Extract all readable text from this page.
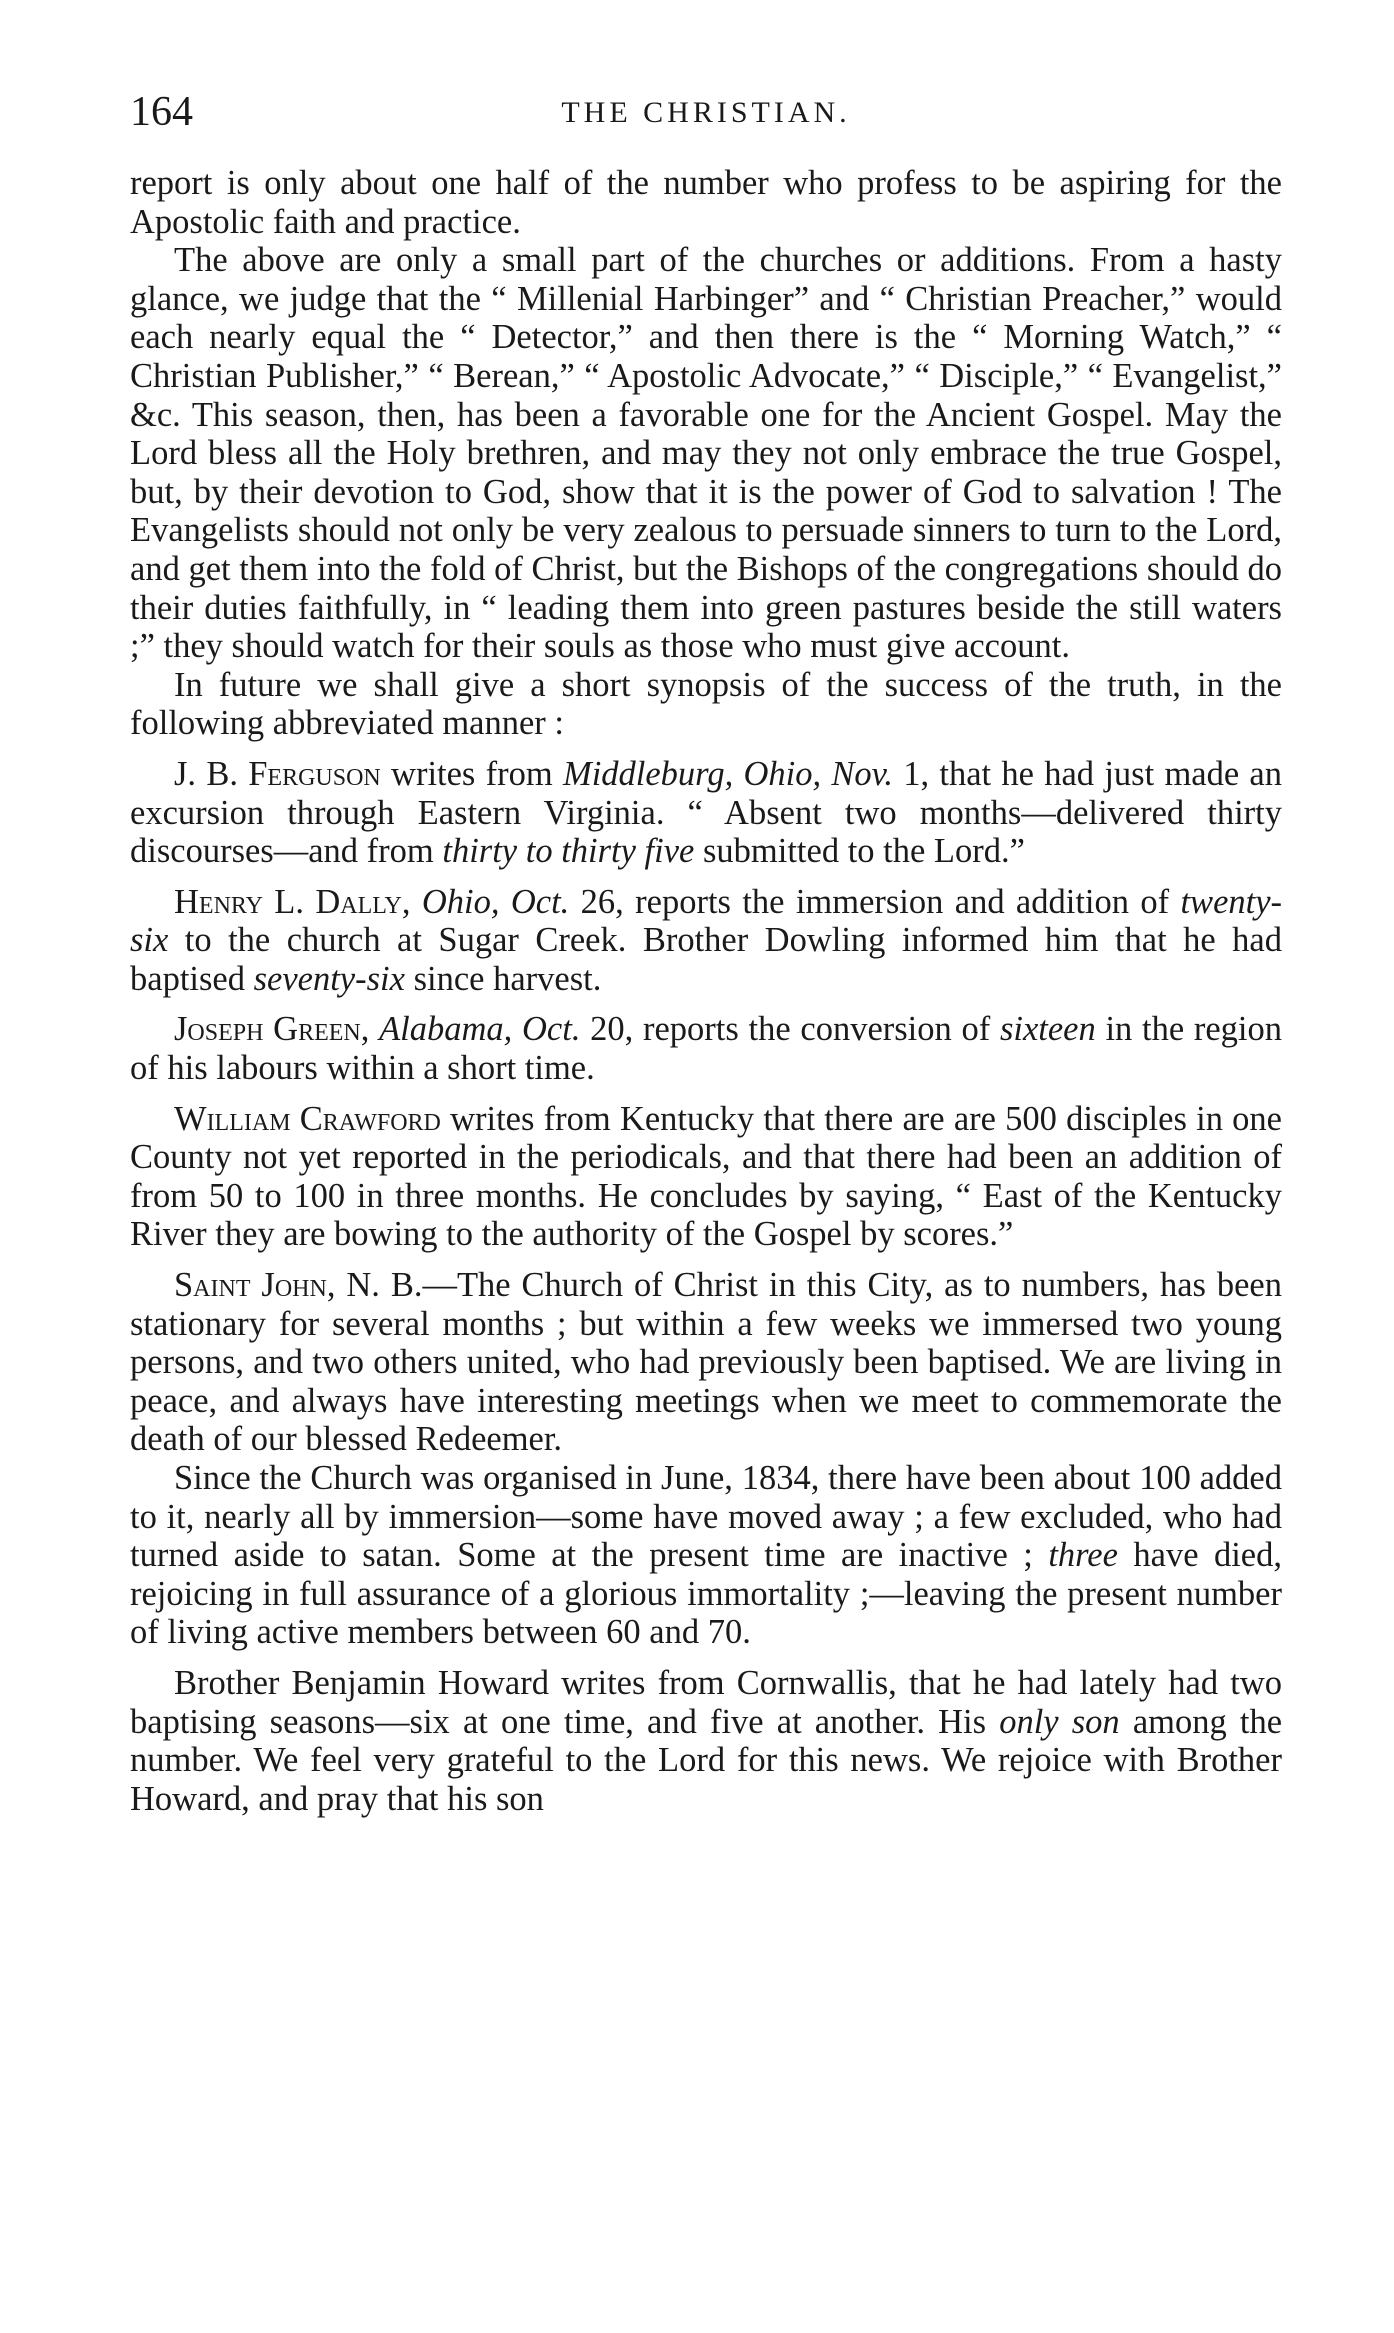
164	THE CHRISTIAN.

report is only about one half of the number who profess to be aspiring for the Apostolic faith and practice.

The above are only a small part of the churches or additions. From a hasty glance, we judge that the “ Millenial Harbinger” and “ Christian Preacher,” would each nearly equal the “ Detector,” and then there is the “ Morning Watch,” “ Christian Publisher,” “ Berean,” “ Apostolic Advocate,” “ Disciple,” “ Evangelist,” &c. This season, then, has been a favorable one for the Ancient Gospel. May the Lord bless all the Holy brethren, and may they not only embrace the true Gospel, but, by their devotion to God, show that it is the power of God to salvation ! The Evangelists should not only be very zealous to persuade sinners to turn to the Lord, and get them into the fold of Christ, but the Bishops of the congregations should do their duties faithfully, in “ leading them into green pastures beside the still waters ;” they should watch for their souls as those who must give account.

In future we shall give a short synopsis of the success of the truth, in the following abbreviated manner :

J. B. Ferguson writes from Middleburg, Ohio, Nov. 1, that he had just made an excursion through Eastern Virginia. “ Absent two months—delivered thirty discourses—and from thirty to thirty five submitted to the Lord.”

Henry L. Dally, Ohio, Oct. 26, reports the immersion and addition of twenty-six to the church at Sugar Creek. Brother Dowling informed him that he had baptised seventy-six since harvest.

Joseph Green, Alabama, Oct. 20, reports the conversion of sixteen in the region of his labours within a short time.

William Crawford writes from Kentucky that there are are 500 disciples in one County not yet reported in the periodicals, and that there had been an addition of from 50 to 100 in three months. He concludes by saying, “ East of the Kentucky River they are bowing to the authority of the Gospel by scores.”

Saint John, N. B.—The Church of Christ in this City, as to numbers, has been stationary for several months ; but within a few weeks we immersed two young persons, and two others united, who had previously been baptised. We are living in peace, and always have interesting meetings when we meet to commemorate the death of our blessed Redeemer.

Since the Church was organised in June, 1834, there have been about 100 added to it, nearly all by immersion—some have moved away ; a few excluded, who had turned aside to satan. Some at the present time are inactive ; three have died, rejoicing in full assurance of a glorious immortality ;—leaving the present number of living active members between 60 and 70.

Brother Benjamin Howard writes from Cornwallis, that he had lately had two baptising seasons—six at one time, and five at another. His only son among the number. We feel very grateful to the Lord for this news. We rejoice with Brother Howard, and pray that his son
